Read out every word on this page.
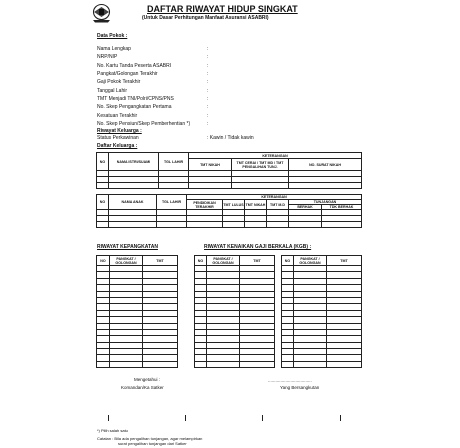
DAFTAR RIWAYAT HIDUP SINGKAT
(Untuk Dasar Perhitungan Manfaat Asuransi ASABRI)
Data Pokok :
Nama Lengkap	:
NRP/NIP	:
No. Kartu Tanda Peserta ASABRI	:
Pangkat/Golongan Terakhir	:
Gaji Pokok Terakhir	:
Tanggal Lahir	:
TMT Menjadi TNI/Polri/CPNS/PNS	:
No. Skep Pengangkatan Pertama	:
Kesatuan Terakhir	:
No. Skep Pensiun/Skep Pemberhentian *)	:
Riwayat Keluarga :
Status Perkawinan	: Kawin / Tidak kawin
Daftar Keluarga :
NO	NAMA ISTRI/SUAMI	TGL LAHIR	KETERANGAN		
			TMT NIKAH	TMT CERAI / TMT MD / TMT PENGALIHAN TUNJ.	NO. SURAT NIKAH

NO	NAMA ANAK	TGL LAHIR	KETERANGAN					
			PENDIDIKAN TERAKHIR	TMT LULUS	TMT NIKAH	TMT M.D	TUNJANGAN	
							BERHAK	TDK BERHAK

RIWAYAT KEPANGKATAN	RIWAYAT KENAIKAN GAJI BERKALA (KGB) :
NO	PANGKAT / GOLONGAN	TMT

			NO	PANGKAT / GOLONGAN	TMT

			NO	PANGKAT / GOLONGAN	TMT

Mengetahui :
Komandan/Ka Satker
...................................
Yang Bersangkutan
*) Pilih salah satu
Catatan : Bila ada pengalihan tunjangan, agar melampirkan
surat pengalihan tunjangan dari Satker
